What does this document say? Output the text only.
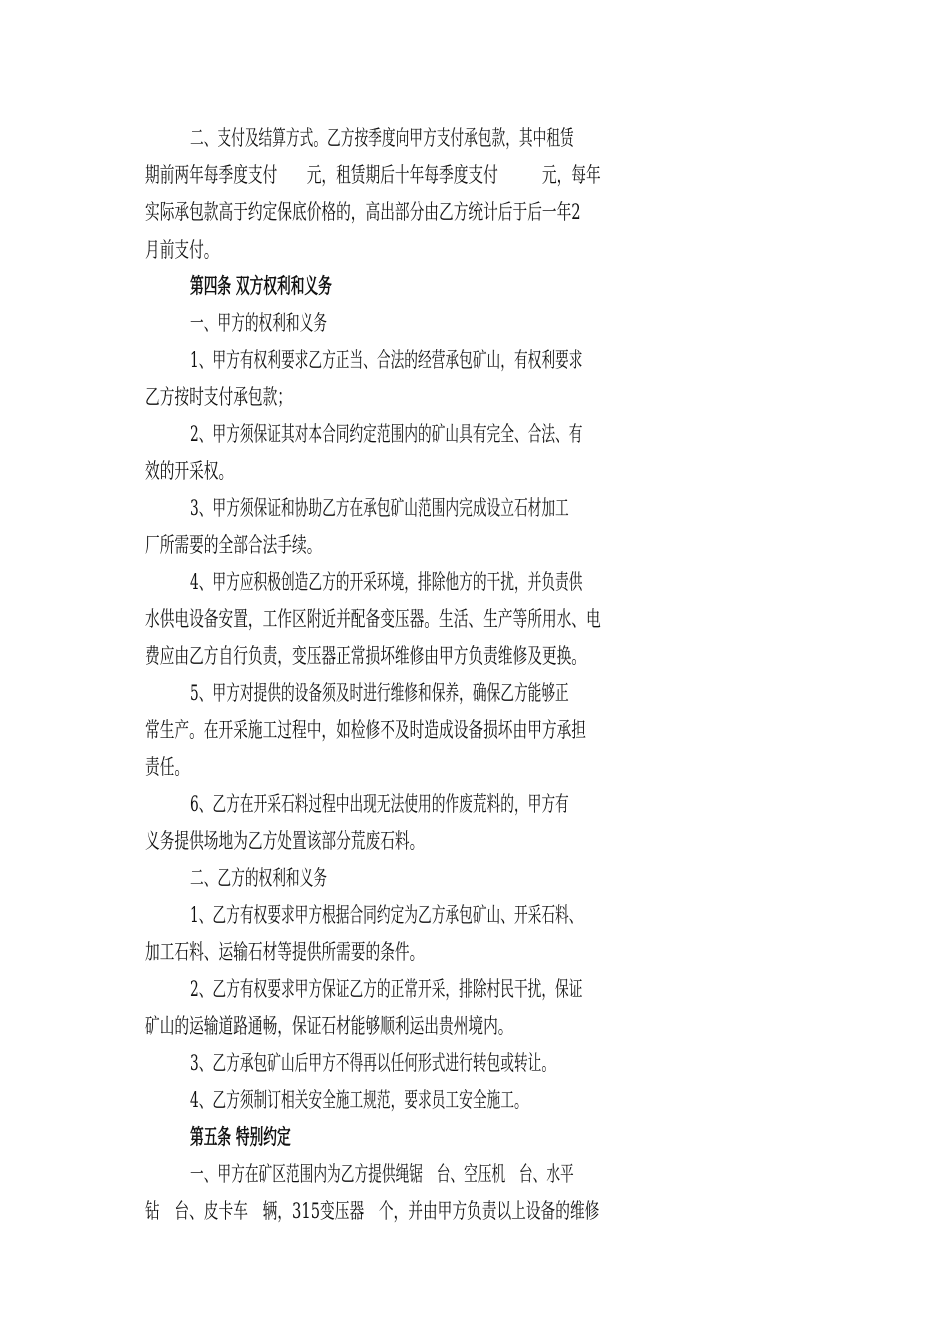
二、支付及结算方式。乙方按季度向甲方支付承包款，其中租赁
期前两年每季度支付　　元，租赁期后十年每季度支付　　　元，每年
实际承包款高于约定保底价格的，高出部分由乙方统计后于后一年2
月前支付。
第四条 双方权利和义务
一、甲方的权利和义务
1、甲方有权利要求乙方正当、合法的经营承包矿山，有权利要求
乙方按时支付承包款；
2、甲方须保证其对本合同约定范围内的矿山具有完全、合法、有
效的开采权。
3、甲方须保证和协助乙方在承包矿山范围内完成设立石材加工
厂所需要的全部合法手续。
4、甲方应积极创造乙方的开采环境，排除他方的干扰，并负责供
水供电设备安置，工作区附近并配备变压器。生活、生产等所用水、电
费应由乙方自行负责，变压器正常损坏维修由甲方负责维修及更换。
5、甲方对提供的设备须及时进行维修和保养，确保乙方能够正
常生产。在开采施工过程中，如检修不及时造成设备损坏由甲方承担
责任。
6、乙方在开采石料过程中出现无法使用的作废荒料的，甲方有
义务提供场地为乙方处置该部分荒废石料。
二、乙方的权利和义务
1、乙方有权要求甲方根据合同约定为乙方承包矿山、开采石料、
加工石料、运输石材等提供所需要的条件。
2、乙方有权要求甲方保证乙方的正常开采，排除村民干扰，保证
矿山的运输道路通畅，保证石材能够顺利运出贵州境内。
3、乙方承包矿山后甲方不得再以任何形式进行转包或转让。
4、乙方须制订相关安全施工规范，要求员工安全施工。
第五条 特别约定
一、甲方在矿区范围内为乙方提供绳锯　台、空压机　台、水平
钻　台、皮卡车　辆，315变压器　个，并由甲方负责以上设备的维修
